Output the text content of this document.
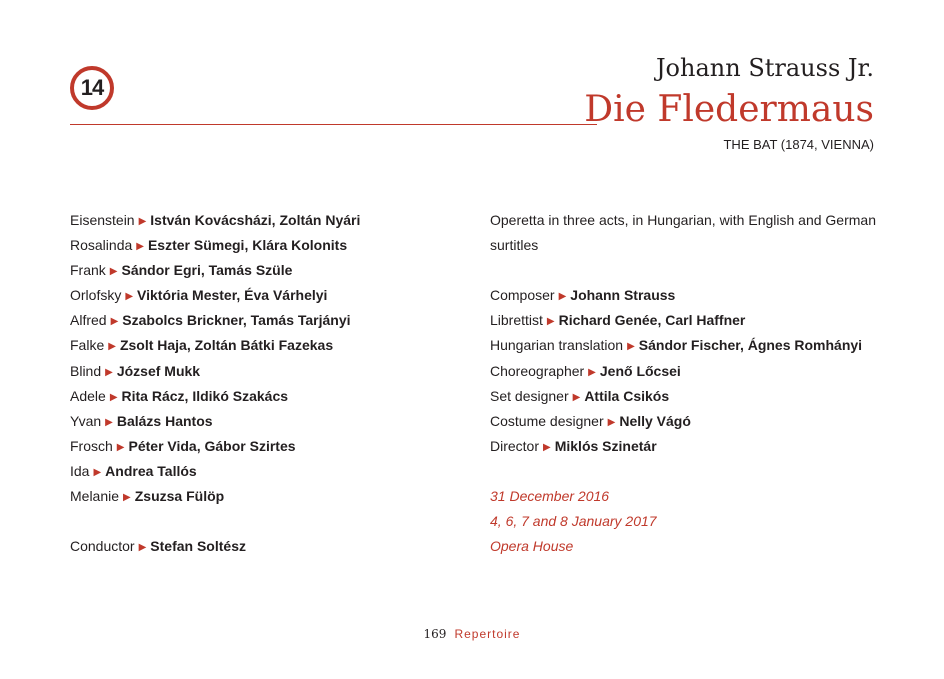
14
Johann Strauss Jr.
Die Fledermaus
THE BAT (1874, VIENNA)
Eisenstein ▶ István Kovácsházi, Zoltán Nyári
Rosalinda ▶ Eszter Sümegi, Klára Kolonits
Frank ▶ Sándor Egri, Tamás Szüle
Orlofsky ▶ Viktória Mester, Éva Várhelyi
Alfred ▶ Szabolcs Brickner, Tamás Tarjányi
Falke ▶ Zsolt Haja, Zoltán Bátki Fazekas
Blind ▶ József Mukk
Adele ▶ Rita Rácz, Ildikó Szakács
Yvan ▶ Balázs Hantos
Frosch ▶ Péter Vida, Gábor Szirtes
Ida ▶ Andrea Tallós
Melanie ▶ Zsuzsa Fülöp
Conductor ▶ Stefan Soltész
Operetta in three acts, in Hungarian, with English and German
surtitles
Composer ▶ Johann Strauss
Librettist ▶ Richard Genée, Carl Haffner
Hungarian translation ▶ Sándor Fischer, Ágnes Romhányi
Choreographer ▶ Jenő Lőcsei
Set designer ▶ Attila Csikós
Costume designer ▶ Nelly Vágó
Director ▶ Miklós Szinetár
31 December 2016
4, 6, 7 and 8 January 2017
Opera House
169 Repertoire
